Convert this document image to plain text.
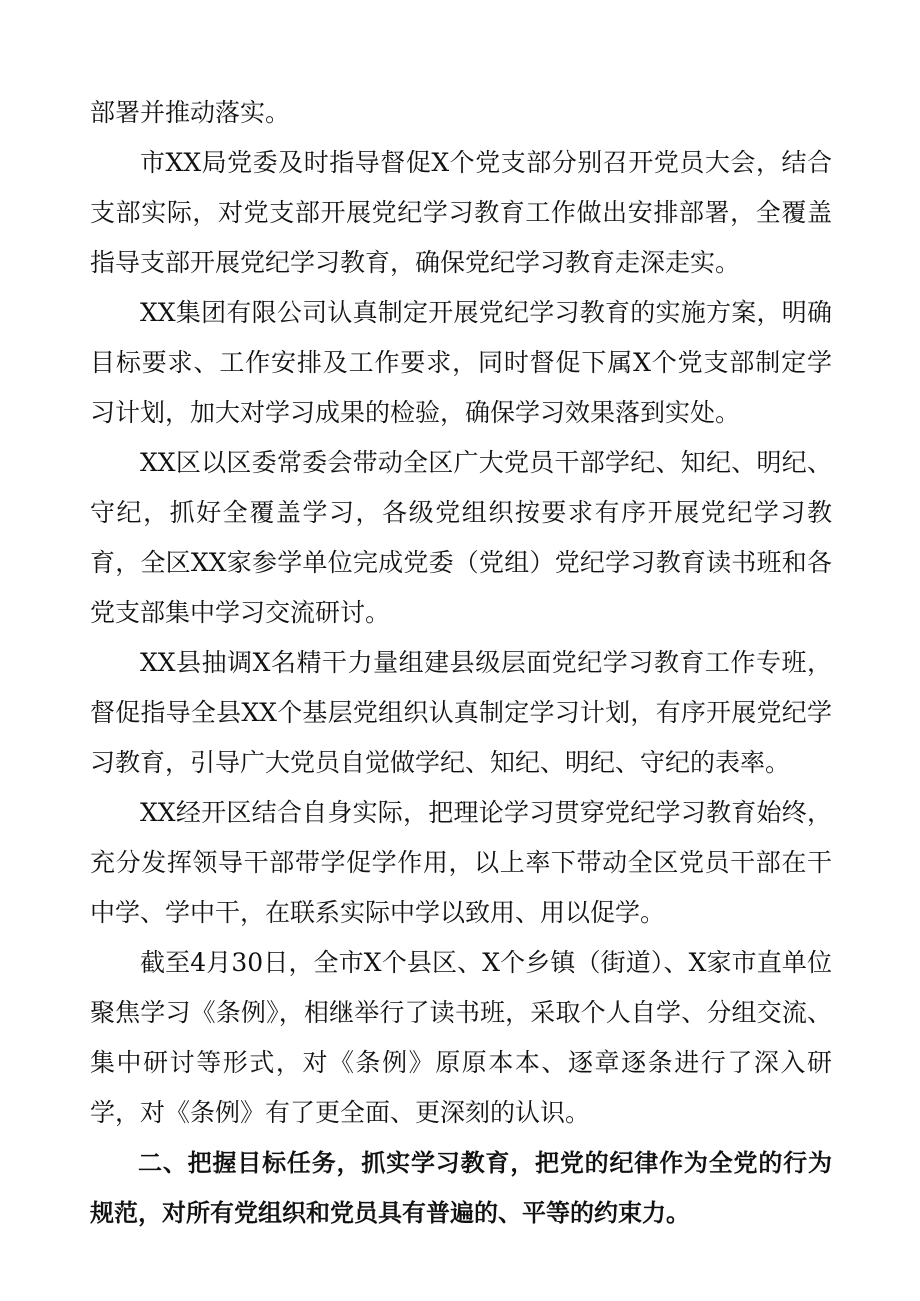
部署并推动落实。

市XX局党委及时指导督促X个党支部分别召开党员大会，结合支部实际，对党支部开展党纪学习教育工作做出安排部署，全覆盖指导支部开展党纪学习教育，确保党纪学习教育走深走实。

XX集团有限公司认真制定开展党纪学习教育的实施方案，明确目标要求、工作安排及工作要求，同时督促下属X个党支部制定学习计划，加大对学习成果的检验，确保学习效果落到实处。

XX区以区委常委会带动全区广大党员干部学纪、知纪、明纪、守纪，抓好全覆盖学习，各级党组织按要求有序开展党纪学习教育，全区XX家参学单位完成党委（党组）党纪学习教育读书班和各党支部集中学习交流研讨。

XX县抽调X名精干力量组建县级层面党纪学习教育工作专班，督促指导全县XX个基层党组织认真制定学习计划，有序开展党纪学习教育，引导广大党员自觉做学纪、知纪、明纪、守纪的表率。

XX经开区结合自身实际，把理论学习贯穿党纪学习教育始终，充分发挥领导干部带学促学作用，以上率下带动全区党员干部在干中学、学中干，在联系实际中学以致用、用以促学。

截至4月30日，全市X个县区、X个乡镇（街道）、X家市直单位聚焦学习《条例》，相继举行了读书班，采取个人自学、分组交流、集中研讨等形式，对《条例》原原本本、逐章逐条进行了深入研学，对《条例》有了更全面、更深刻的认识。

二、把握目标任务，抓实学习教育，把党的纪律作为全党的行为规范，对所有党组织和党员具有普遍的、平等的约束力。
